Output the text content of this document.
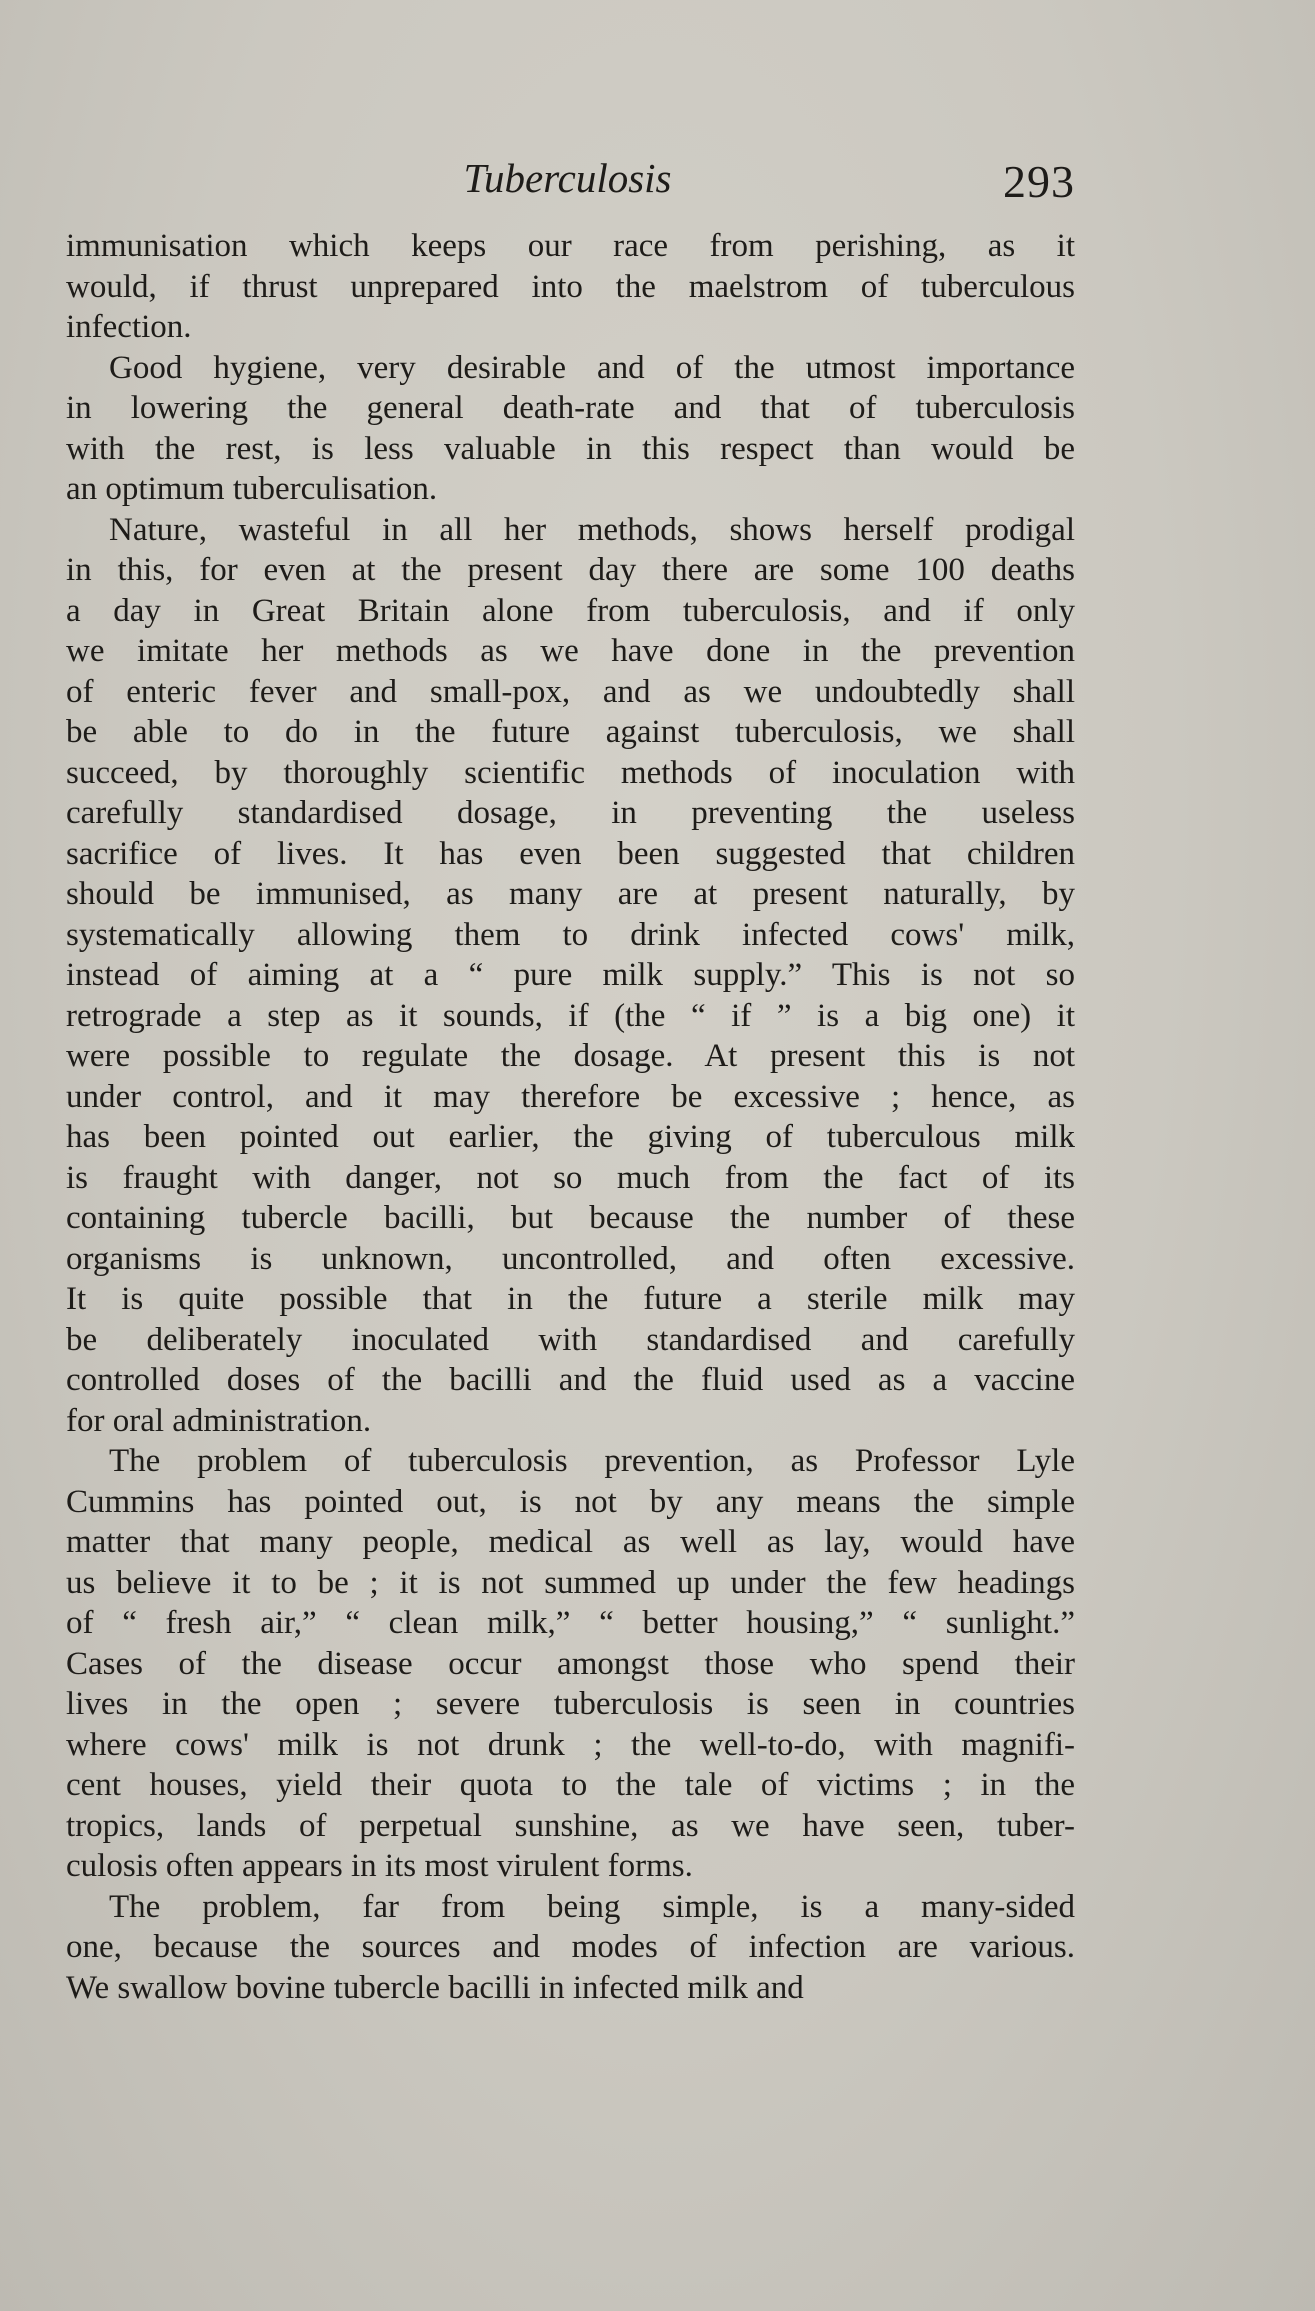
Tuberculosis	293
immunisation which keeps our race from perishing, as it
would, if thrust unprepared into the maelstrom of tuberculous
infection.
Good hygiene, very desirable and of the utmost importance
in lowering the general death-rate and that of tuberculosis
with the rest, is less valuable in this respect than would be
an optimum tuberculisation.
Nature, wasteful in all her methods, shows herself prodigal
in this, for even at the present day there are some 100 deaths
a day in Great Britain alone from tuberculosis, and if only
we imitate her methods as we have done in the prevention
of enteric fever and small-pox, and as we undoubtedly shall
be able to do in the future against tuberculosis, we shall
succeed, by thoroughly scientific methods of inoculation with
carefully standardised dosage, in preventing the useless
sacrifice of lives. It has even been suggested that children
should be immunised, as many are at present naturally, by
systematically allowing them to drink infected cows' milk,
instead of aiming at a “ pure milk supply.” This is not so
retrograde a step as it sounds, if (the “ if ” is a big one) it
were possible to regulate the dosage. At present this is not
under control, and it may therefore be excessive ; hence, as
has been pointed out earlier, the giving of tuberculous milk
is fraught with danger, not so much from the fact of its
containing tubercle bacilli, but because the number of these
organisms is unknown, uncontrolled, and often excessive.
It is quite possible that in the future a sterile milk may
be deliberately inoculated with standardised and carefully
controlled doses of the bacilli and the fluid used as a vaccine
for oral administration.
The problem of tuberculosis prevention, as Professor Lyle
Cummins has pointed out, is not by any means the simple
matter that many people, medical as well as lay, would have
us believe it to be ; it is not summed up under the few headings
of “ fresh air,” “ clean milk,” “ better housing,” “ sunlight.”
Cases of the disease occur amongst those who spend their
lives in the open ; severe tuberculosis is seen in countries
where cows' milk is not drunk ; the well-to-do, with magnifi-
cent houses, yield their quota to the tale of victims ; in the
tropics, lands of perpetual sunshine, as we have seen, tuber-
culosis often appears in its most virulent forms.
The problem, far from being simple, is a many-sided
one, because the sources and modes of infection are various.
We swallow bovine tubercle bacilli in infected milk and
